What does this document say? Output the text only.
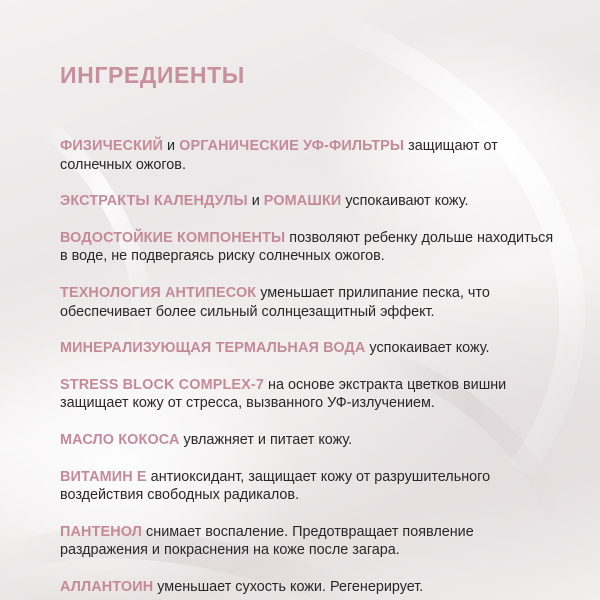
ИНГРЕДИЕНТЫ

ФИЗИЧЕСКИЙ и ОРГАНИЧЕСКИЕ УФ-ФИЛЬТРЫ защищают от солнечных ожогов.

ЭКСТРАКТЫ КАЛЕНДУЛЫ и РОМАШКИ успокаивают кожу.

ВОДОСТОЙКИЕ КОМПОНЕНТЫ позволяют ребенку дольше находиться в воде, не подвергаясь риску солнечных ожогов.

ТЕХНОЛОГИЯ АНТИПЕСОК уменьшает прилипание песка, что обеспечивает более сильный солнцезащитный эффект.

МИНЕРАЛИЗУЮЩАЯ ТЕРМАЛЬНАЯ ВОДА успокаивает кожу.

STRESS BLOCK COMPLEX-7 на основе экстракта цветков вишни защищает кожу от стресса, вызванного УФ-излучением.

МАСЛО КОКОСА увлажняет и питает кожу.

ВИТАМИН Е антиоксидант, защищает кожу от разрушительного воздействия свободных радикалов.

ПАНТЕНОЛ снимает воспаление. Предотвращает появление раздражения и покраснения на коже после загара.

АЛЛАНТОИН уменьшает сухость кожи. Регенерирует.
